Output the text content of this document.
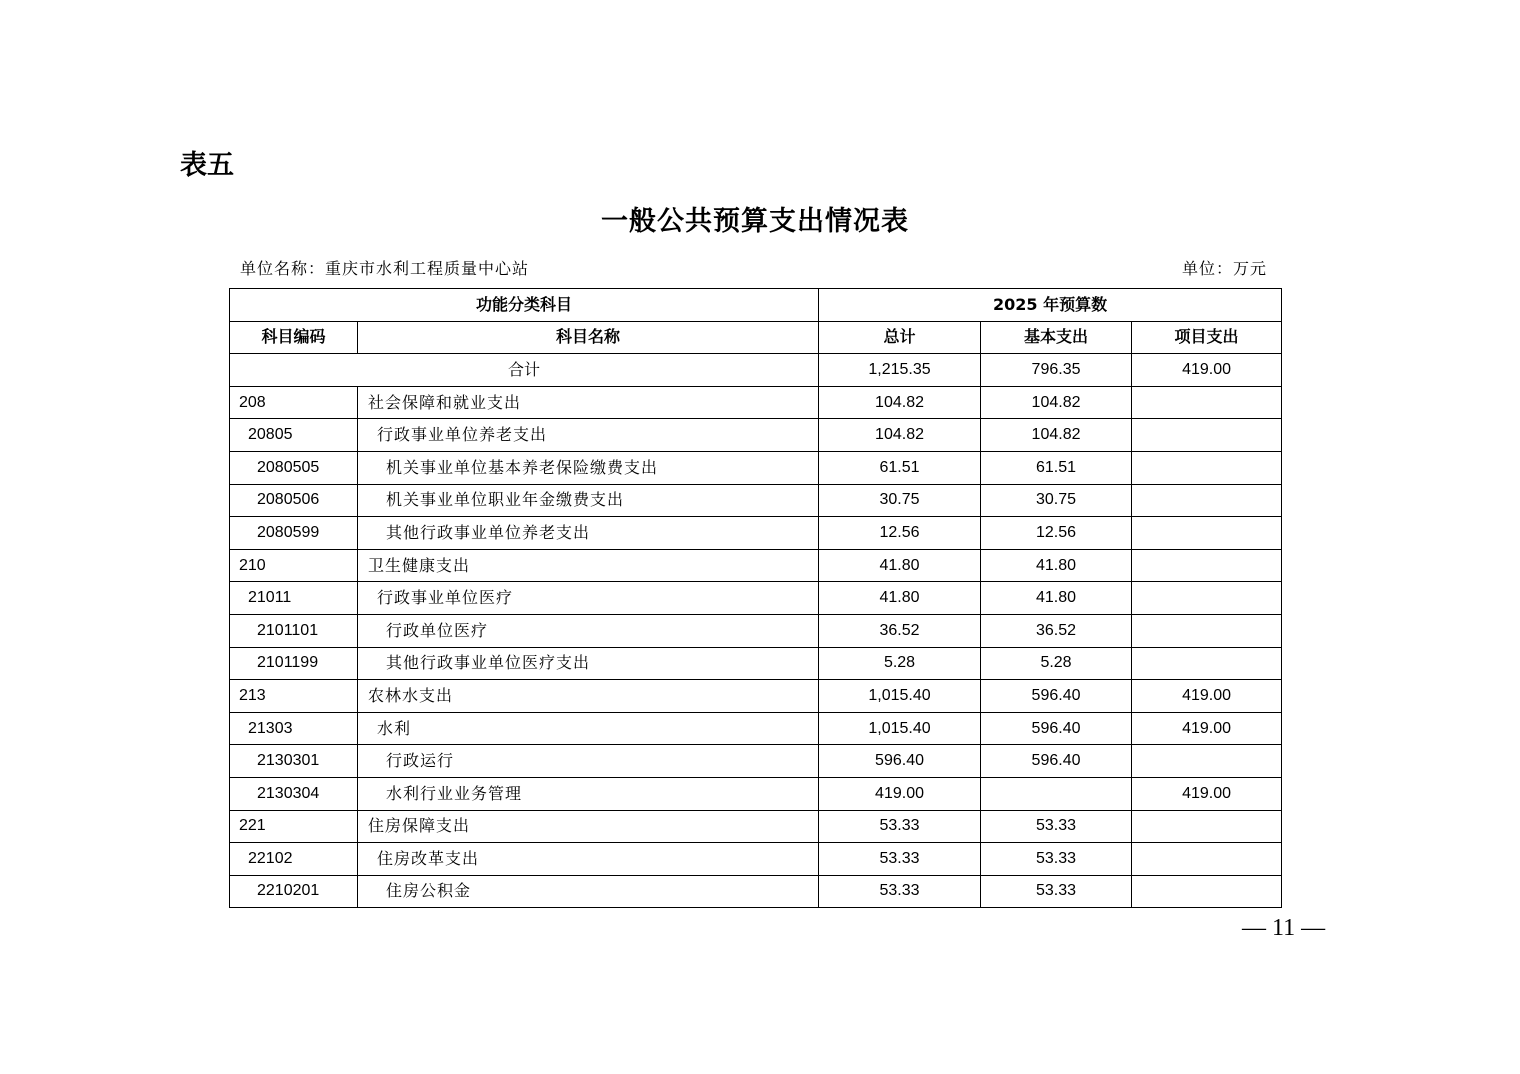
表五
一般公共预算支出情况表
单位名称：重庆市水利工程质量中心站	单位：万元
功能分类科目		2025 年预算数		
科目编码	科目名称	总计	基本支出	项目支出
合计		1,215.35	796.35	419.00
208	社会保障和就业支出	104.82	104.82	
20805	行政事业单位养老支出	104.82	104.82	
2080505	机关事业单位基本养老保险缴费支出	61.51	61.51	
2080506	机关事业单位职业年金缴费支出	30.75	30.75	
2080599	其他行政事业单位养老支出	12.56	12.56	
210	卫生健康支出	41.80	41.80	
21011	行政事业单位医疗	41.80	41.80	
2101101	行政单位医疗	36.52	36.52	
2101199	其他行政事业单位医疗支出	5.28	5.28	
213	农林水支出	1,015.40	596.40	419.00
21303	水利	1,015.40	596.40	419.00
2130301	行政运行	596.40	596.40	
2130304	水利行业业务管理	419.00		419.00
221	住房保障支出	53.33	53.33	
22102	住房改革支出	53.33	53.33	
2210201	住房公积金	53.33	53.33	
— 11 —
